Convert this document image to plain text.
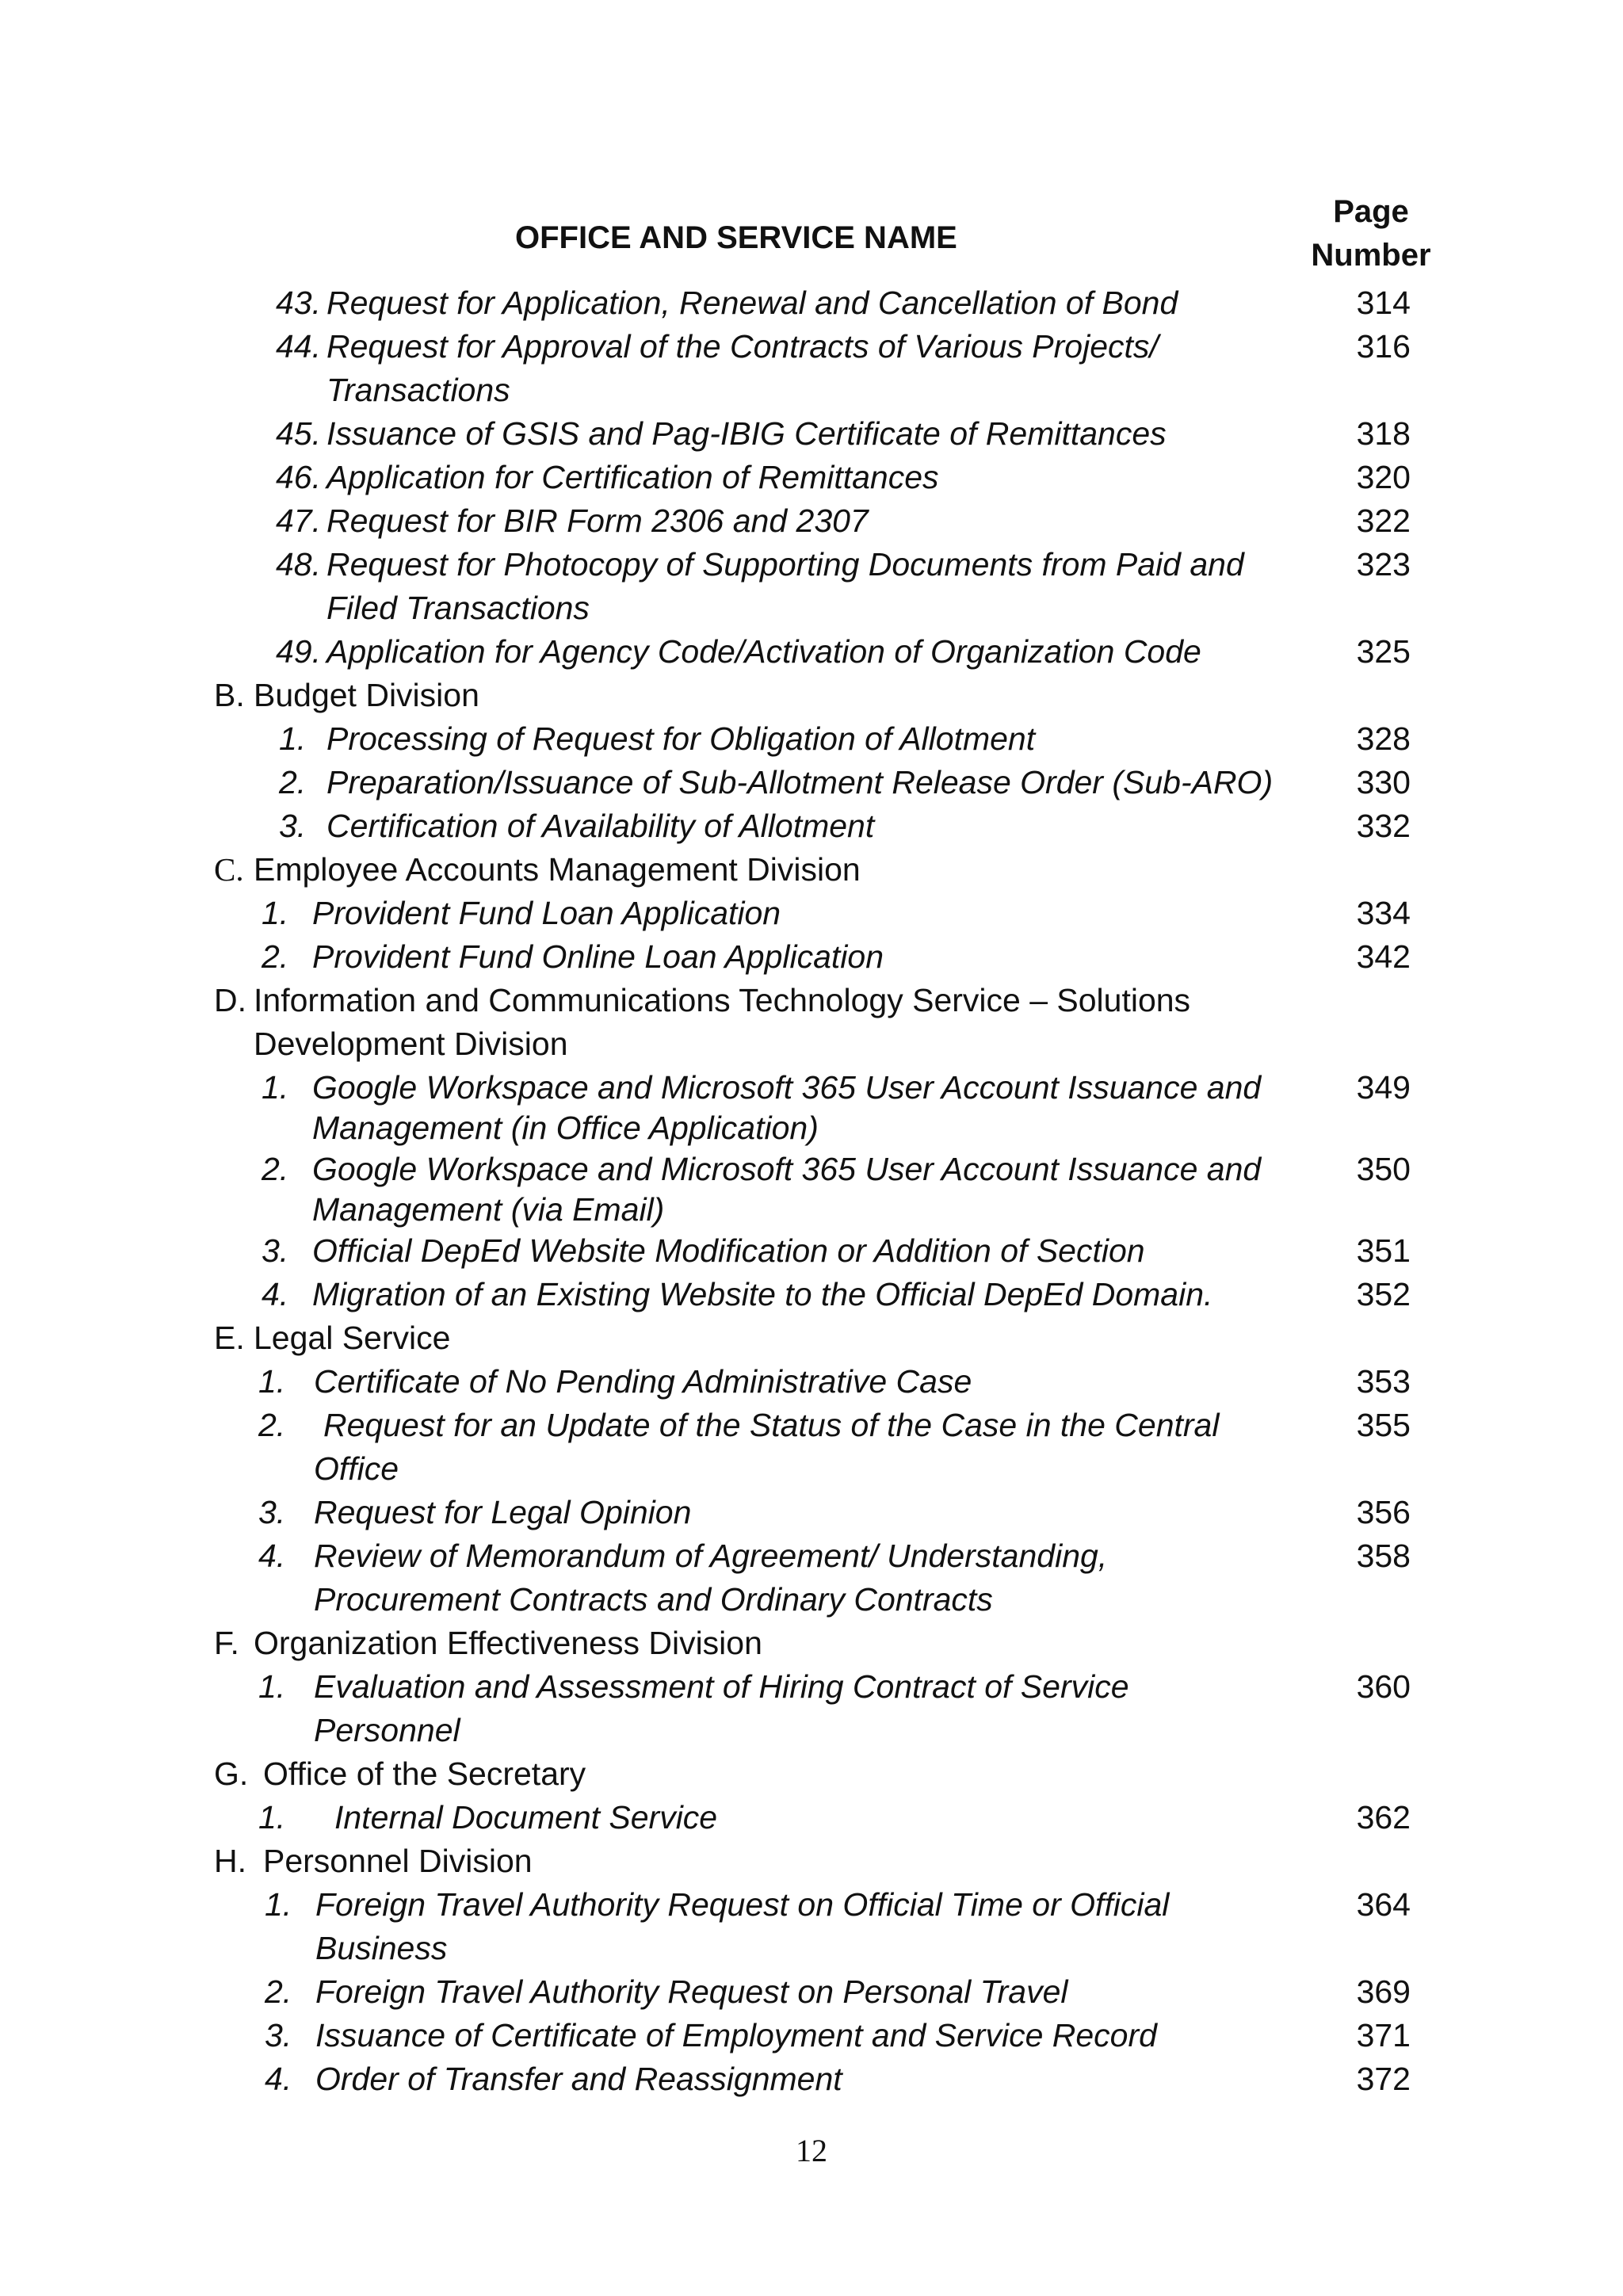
OFFICE AND SERVICE NAME
Page
Number
43. Request for Application, Renewal and Cancellation of Bond	314
44. Request for Approval of the Contracts of Various Projects/	316
Transactions
45. Issuance of GSIS and Pag-IBIG Certificate of Remittances	318
46. Application for Certification of Remittances	320
47. Request for BIR Form 2306 and 2307	322
48. Request for Photocopy of Supporting Documents from Paid and	323
Filed Transactions
49. Application for Agency Code/Activation of Organization Code	325
B. Budget Division
1. Processing of Request for Obligation of Allotment	328
2. Preparation/Issuance of Sub-Allotment Release Order (Sub-ARO)	330
3. Certification of Availability of Allotment	332
C. Employee Accounts Management Division
1. Provident Fund Loan Application	334
2. Provident Fund Online Loan Application	342
D. Information and Communications Technology Service – Solutions
Development Division
1. Google Workspace and Microsoft 365 User Account Issuance and	349
Management (in Office Application)
2. Google Workspace and Microsoft 365 User Account Issuance and	350
Management (via Email)
3. Official DepEd Website Modification or Addition of Section	351
4. Migration of an Existing Website to the Official DepEd Domain.	352
E. Legal Service
1. Certificate of No Pending Administrative Case	353
2. Request for an Update of the Status of the Case in the Central	355
Office
3. Request for Legal Opinion	356
4. Review of Memorandum of Agreement/ Understanding,	358
Procurement Contracts and Ordinary Contracts
F. Organization Effectiveness Division
1. Evaluation and Assessment of Hiring Contract of Service	360
Personnel
G. Office of the Secretary
1. Internal Document Service	362
H. Personnel Division
1. Foreign Travel Authority Request on Official Time or Official	364
Business
2. Foreign Travel Authority Request on Personal Travel	369
3. Issuance of Certificate of Employment and Service Record	371
4. Order of Transfer and Reassignment	372
12
